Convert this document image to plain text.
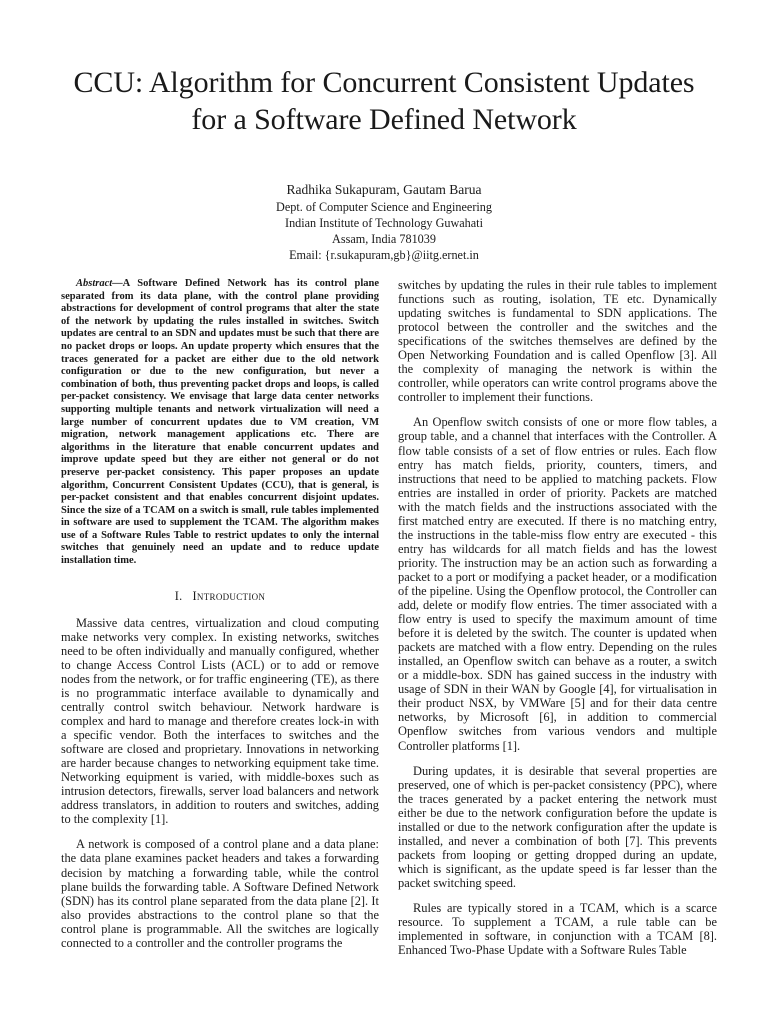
CCU: Algorithm for Concurrent Consistent Updates
for a Software Defined Network
Radhika Sukapuram, Gautam Barua
Dept. of Computer Science and Engineering
Indian Institute of Technology Guwahati
Assam, India 781039
Email: {r.sukapuram,gb}@iitg.ernet.in

Abstract—A Software Defined Network has its control plane separated from its data plane, with the control plane providing abstractions for development of control programs that alter the state of the network by updating the rules installed in switches. Switch updates are central to an SDN and updates must be such that there are no packet drops or loops. An update property which ensures that the traces generated for a packet are either due to the old network configuration or due to the new configuration, but never a combination of both, thus preventing packet drops and loops, is called per-packet consistency. We envisage that large data center networks supporting multiple tenants and network virtualization will need a large number of concurrent updates due to VM creation, VM migration, network management applications etc. There are algorithms in the literature that enable concurrent updates and improve update speed but they are either not general or do not preserve per-packet consistency. This paper proposes an update algorithm, Concurrent Consistent Updates (CCU), that is general, is per-packet consistent and that enables concurrent disjoint updates. Since the size of a TCAM on a switch is small, rule tables implemented in software are used to supplement the TCAM. The algorithm makes use of a Software Rules Table to restrict updates to only the internal switches that genuinely need an update and to reduce update installation time.

I. Introduction

Massive data centres, virtualization and cloud computing make networks very complex. In existing networks, switches need to be often individually and manually configured, whether to change Access Control Lists (ACL) or to add or remove nodes from the network, or for traffic engineering (TE), as there is no programmatic interface available to dynamically and centrally control switch behaviour. Network hardware is complex and hard to manage and therefore creates lock-in with a specific vendor. Both the interfaces to switches and the software are closed and proprietary. Innovations in networking are harder because changes to networking equipment take time. Networking equipment is varied, with middle-boxes such as intrusion detectors, firewalls, server load balancers and network address translators, in addition to routers and switches, adding to the complexity [1].

A network is composed of a control plane and a data plane: the data plane examines packet headers and takes a forwarding decision by matching a forwarding table, while the control plane builds the forwarding table. A Software Defined Network (SDN) has its control plane separated from the data plane [2]. It also provides abstractions to the control plane so that the control plane is programmable. All the switches are logically connected to a controller and the controller programs the

switches by updating the rules in their rule tables to implement functions such as routing, isolation, TE etc. Dynamically updating switches is fundamental to SDN applications. The protocol between the controller and the switches and the specifications of the switches themselves are defined by the Open Networking Foundation and is called Openflow [3]. All the complexity of managing the network is within the controller, while operators can write control programs above the controller to implement their functions.

An Openflow switch consists of one or more flow tables, a group table, and a channel that interfaces with the Controller. A flow table consists of a set of flow entries or rules. Each flow entry has match fields, priority, counters, timers, and instructions that need to be applied to matching packets. Flow entries are installed in order of priority. Packets are matched with the match fields and the instructions associated with the first matched entry are executed. If there is no matching entry, the instructions in the table-miss flow entry are executed - this entry has wildcards for all match fields and has the lowest priority. The instruction may be an action such as forwarding a packet to a port or modifying a packet header, or a modification of the pipeline. Using the Openflow protocol, the Controller can add, delete or modify flow entries. The timer associated with a flow entry is used to specify the maximum amount of time before it is deleted by the switch. The counter is updated when packets are matched with a flow entry. Depending on the rules installed, an Openflow switch can behave as a router, a switch or a middle-box. SDN has gained success in the industry with usage of SDN in their WAN by Google [4], for virtualisation in their product NSX, by VMWare [5] and for their data centre networks, by Microsoft [6], in addition to commercial Openflow switches from various vendors and multiple Controller platforms [1].

During updates, it is desirable that several properties are preserved, one of which is per-packet consistency (PPC), where the traces generated by a packet entering the network must either be due to the network configuration before the update is installed or due to the network configuration after the update is installed, and never a combination of both [7]. This prevents packets from looping or getting dropped during an update, which is significant, as the update speed is far lesser than the packet switching speed.

Rules are typically stored in a TCAM, which is a scarce resource. To supplement a TCAM, a rule table can be implemented in software, in conjunction with a TCAM [8]. Enhanced Two-Phase Update with a Software Rules Table
